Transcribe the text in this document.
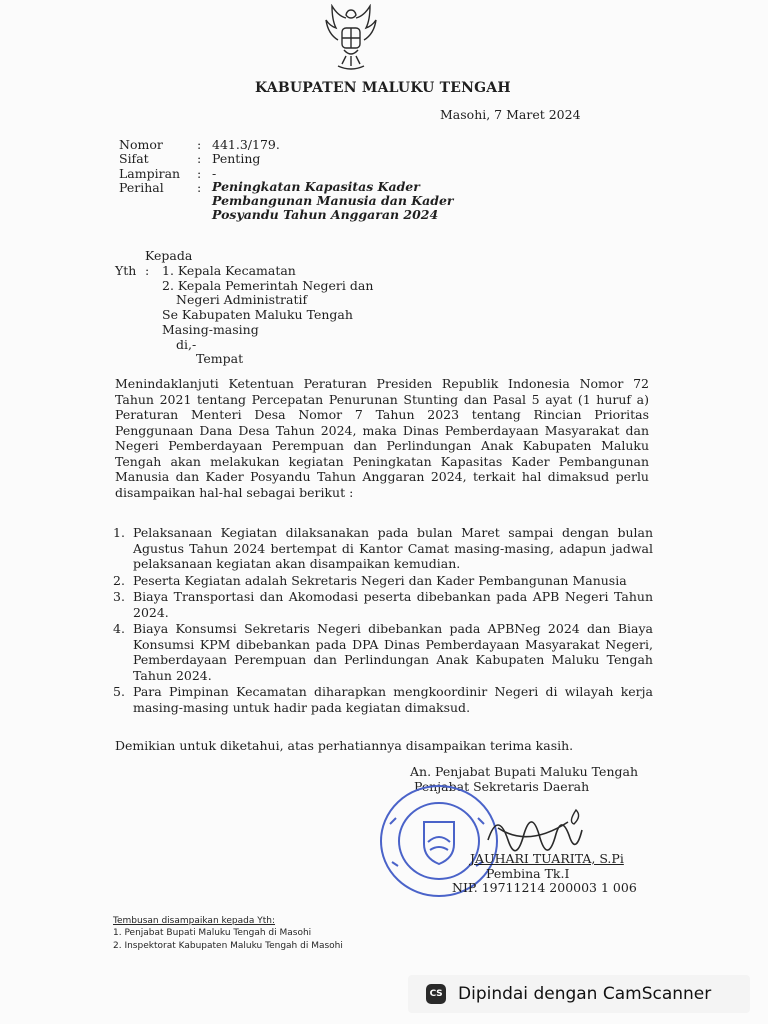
KABUPATEN MALUKU TENGAH
Masohi, 7 Maret 2024
Nomor	: 441.3/179.
Sifat	: Penting
Lampiran : -
Perihal	: Peningkatan Kapasitas Kader
Pembangunan Manusia dan Kader
Posyandu Tahun Anggaran 2024
Kepada
Yth : 1. Kepala Kecamatan
2. Kepala Pemerintah Negeri dan
Negeri Administratif
Se Kabupaten Maluku Tengah
Masing-masing
di,-
Tempat

Menindaklanjuti Ketentuan Peraturan Presiden Republik Indonesia Nomor 72 Tahun 2021 tentang Percepatan Penurunan Stunting dan Pasal 5 ayat (1 huruf a) Peraturan Menteri Desa Nomor 7 Tahun 2023 tentang Rincian Prioritas Penggunaan Dana Desa Tahun 2024, maka Dinas Pemberdayaan Masyarakat dan Negeri Pemberdayaan Perempuan dan Perlindungan Anak Kabupaten Maluku Tengah akan melakukan kegiatan Peningkatan Kapasitas Kader Pembangunan Manusia dan Kader Posyandu Tahun Anggaran 2024, terkait hal dimaksud perlu disampaikan hal-hal sebagai berikut :

1. Pelaksanaan Kegiatan dilaksanakan pada bulan Maret sampai dengan bulan Agustus Tahun 2024 bertempat di Kantor Camat masing-masing, adapun jadwal pelaksanaan kegiatan akan disampaikan kemudian.
2. Peserta Kegiatan adalah Sekretaris Negeri dan Kader Pembangunan Manusia
3. Biaya Transportasi dan Akomodasi peserta dibebankan pada APB Negeri Tahun 2024.
4. Biaya Konsumsi Sekretaris Negeri dibebankan pada APBNeg 2024 dan Biaya Konsumsi KPM dibebankan pada DPA Dinas Pemberdayaan Masyarakat Negeri, Pemberdayaan Perempuan dan Perlindungan Anak Kabupaten Maluku Tengah Tahun 2024.
5. Para Pimpinan Kecamatan diharapkan mengkoordinir Negeri di wilayah kerja masing-masing untuk hadir pada kegiatan dimaksud.
Demikian untuk diketahui, atas perhatiannya disampaikan terima kasih.
An. Penjabat Bupati Maluku Tengah
Penjabat Sekretaris Daerah
JAUHARI TUARITA, S.Pi
Pembina Tk.I
NIP. 19711214 200003 1 006
Tembusan disampaikan kepada Yth:
1. Penjabat Bupati Maluku Tengah di Masohi
2. Inspektorat Kabupaten Maluku Tengah di Masohi
CS Dipindai dengan CamScanner
